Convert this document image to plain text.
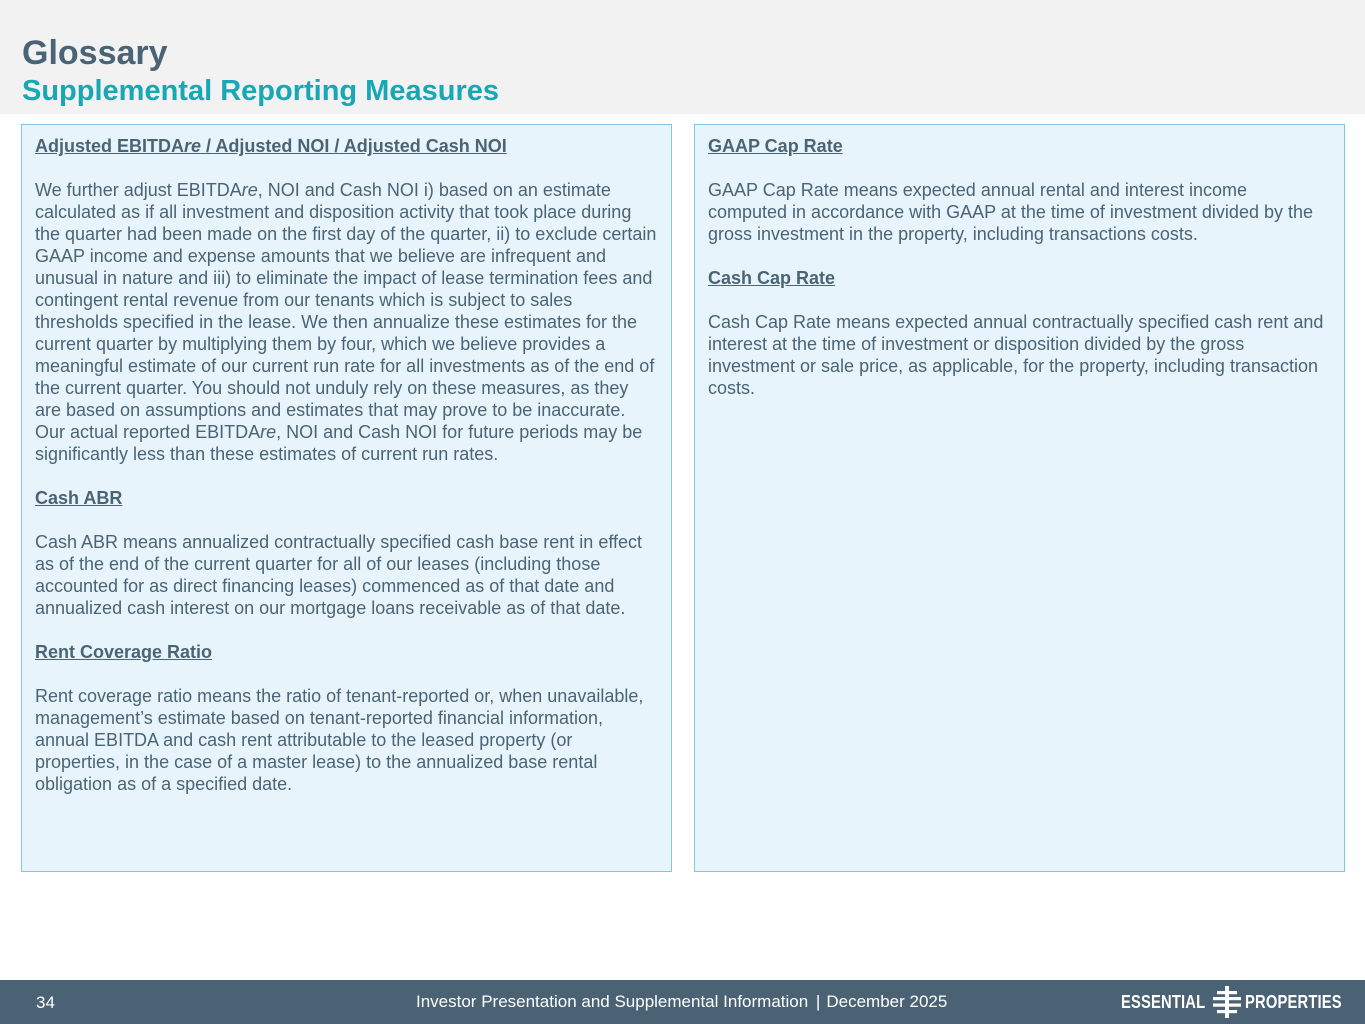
Glossary
Supplemental Reporting Measures

Adjusted EBITDAre / Adjusted NOI / Adjusted Cash NOI

We further adjust EBITDAre, NOI and Cash NOI i) based on an estimate calculated as if all investment and disposition activity that took place during the quarter had been made on the first day of the quarter, ii) to exclude certain GAAP income and expense amounts that we believe are infrequent and unusual in nature and iii) to eliminate the impact of lease termination fees and contingent rental revenue from our tenants which is subject to sales thresholds specified in the lease. We then annualize these estimates for the current quarter by multiplying them by four, which we believe provides a meaningful estimate of our current run rate for all investments as of the end of the current quarter. You should not unduly rely on these measures, as they are based on assumptions and estimates that may prove to be inaccurate. Our actual reported EBITDAre, NOI and Cash NOI for future periods may be significantly less than these estimates of current run rates.

Cash ABR

Cash ABR means annualized contractually specified cash base rent in effect as of the end of the current quarter for all of our leases (including those accounted for as direct financing leases) commenced as of that date and annualized cash interest on our mortgage loans receivable as of that date.

Rent Coverage Ratio

Rent coverage ratio means the ratio of tenant-reported or, when unavailable, management’s estimate based on tenant-reported financial information, annual EBITDA and cash rent attributable to the leased property (or properties, in the case of a master lease) to the annualized base rental obligation as of a specified date.

GAAP Cap Rate

GAAP Cap Rate means expected annual rental and interest income computed in accordance with GAAP at the time of investment divided by the gross investment in the property, including transactions costs.

Cash Cap Rate

Cash Cap Rate means expected annual contractually specified cash rent and interest at the time of investment or disposition divided by the gross investment or sale price, as applicable, for the property, including transaction costs.

34	Investor Presentation and Supplemental Information | December 2025	ESSENTIAL PROPERTIES
